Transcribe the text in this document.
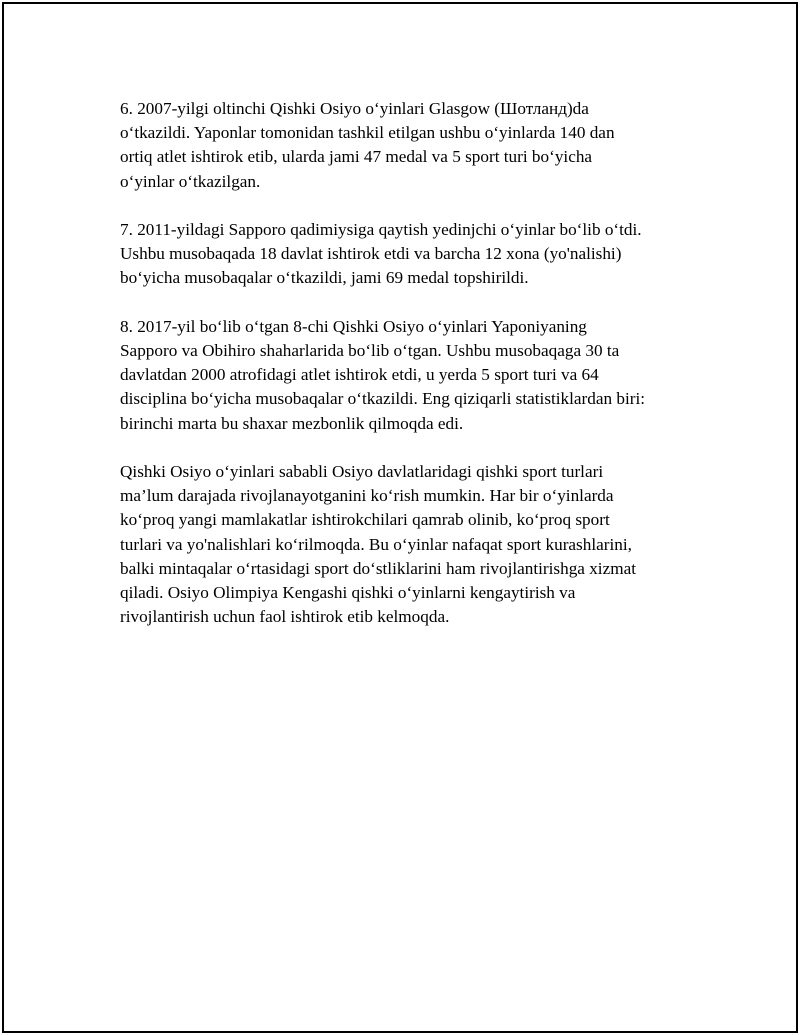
6. 2007-yilgi oltinchi Qishki Osiyo o‘yinlari Glasgow (Шотланд)da
o‘tkazildi. Yaponlar tomonidan tashkil etilgan ushbu o‘yinlarda 140 dan
ortiq atlet ishtirok etib, ularda jami 47 medal va 5 sport turi bo‘yicha
o‘yinlar o‘tkazilgan.

7. 2011-yildagi Sapporo qadimiysiga qaytish yedinjchi o‘yinlar bo‘lib o‘tdi.
Ushbu musobaqada 18 davlat ishtirok etdi va barcha 12 xona (yo'nalishi)
bo‘yicha musobaqalar o‘tkazildi, jami 69 medal topshirildi.

8. 2017-yil bo‘lib o‘tgan 8-chi Qishki Osiyo o‘yinlari Yaponiyaning
Sapporo va Obihiro shaharlarida bo‘lib o‘tgan. Ushbu musobaqaga 30 ta
davlatdan 2000 atrofidagi atlet ishtirok etdi, u yerda 5 sport turi va 64
disciplina bo‘yicha musobaqalar o‘tkazildi. Eng qiziqarli statistiklardan biri:
birinchi marta bu shaxar mezbonlik qilmoqda edi.

Qishki Osiyo o‘yinlari sababli Osiyo davlatlaridagi qishki sport turlari
ma’lum darajada rivojlanayotganini ko‘rish mumkin. Har bir o‘yinlarda
ko‘proq yangi mamlakatlar ishtirokchilari qamrab olinib, ko‘proq sport
turlari va yo'nalishlari ko‘rilmoqda. Bu o‘yinlar nafaqat sport kurashlarini,
balki mintaqalar o‘rtasidagi sport do‘stliklarini ham rivojlantirishga xizmat
qiladi. Osiyo Olimpiya Kengashi qishki o‘yinlarni kengaytirish va
rivojlantirish uchun faol ishtirok etib kelmoqda.
